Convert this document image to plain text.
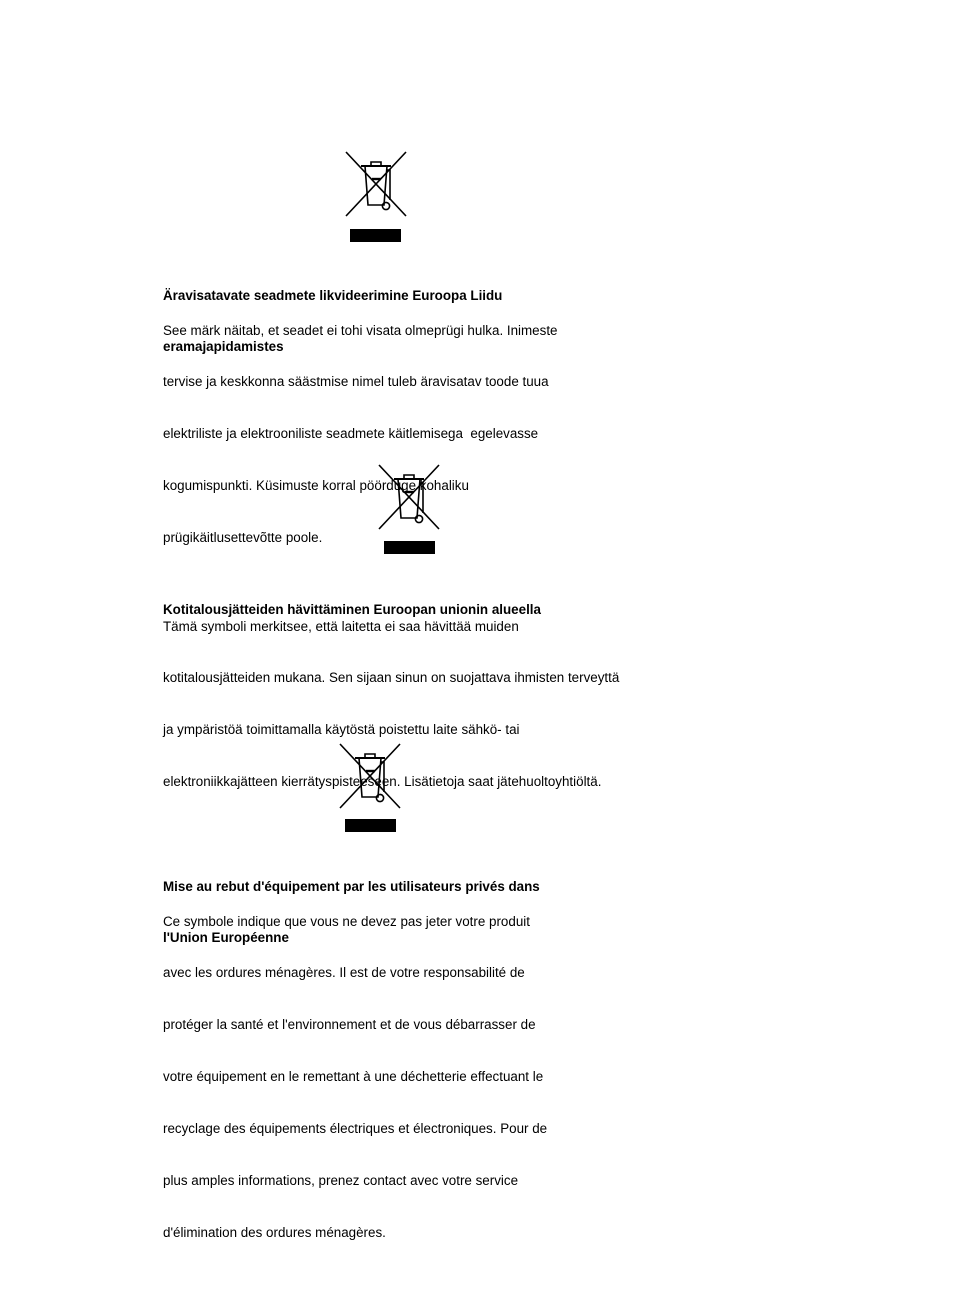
Äravisatavate seadmete likvideerimine Euroopa Liidu

eramajapidamistes

See märk näitab, et seadet ei tohi visata olmeprügi hulka. Inimeste

tervise ja keskkonna säästmise nimel tuleb äravisatav toode tuua

elektriliste ja elektrooniliste seadmete käitlemisega  egelevasse

kogumispunkti. Küsimuste korral pöörduge kohaliku

prügikäitlusettevõtte poole.

Kotitalousjätteiden hävittäminen Euroopan unionin alueella

Tämä symboli merkitsee, että laitetta ei saa hävittää muiden

kotitalousjätteiden mukana. Sen sijaan sinun on suojattava ihmisten terveyttä

ja ympäristöä toimittamalla käytöstä poistettu laite sähkö- tai

elektroniikkajätteen kierrätyspisteeseen. Lisätietoja saat jätehuoltoyhtiöltä.

Mise au rebut d'équipement par les utilisateurs privés dans

l'Union Européenne

Ce symbole indique que vous ne devez pas jeter votre produit

avec les ordures ménagères. Il est de votre responsabilité de

protéger la santé et l'environnement et de vous débarrasser de

votre équipement en le remettant à une déchetterie effectuant le

recyclage des équipements électriques et électroniques. Pour de

plus amples informations, prenez contact avec votre service

d'élimination des ordures ménagères.
